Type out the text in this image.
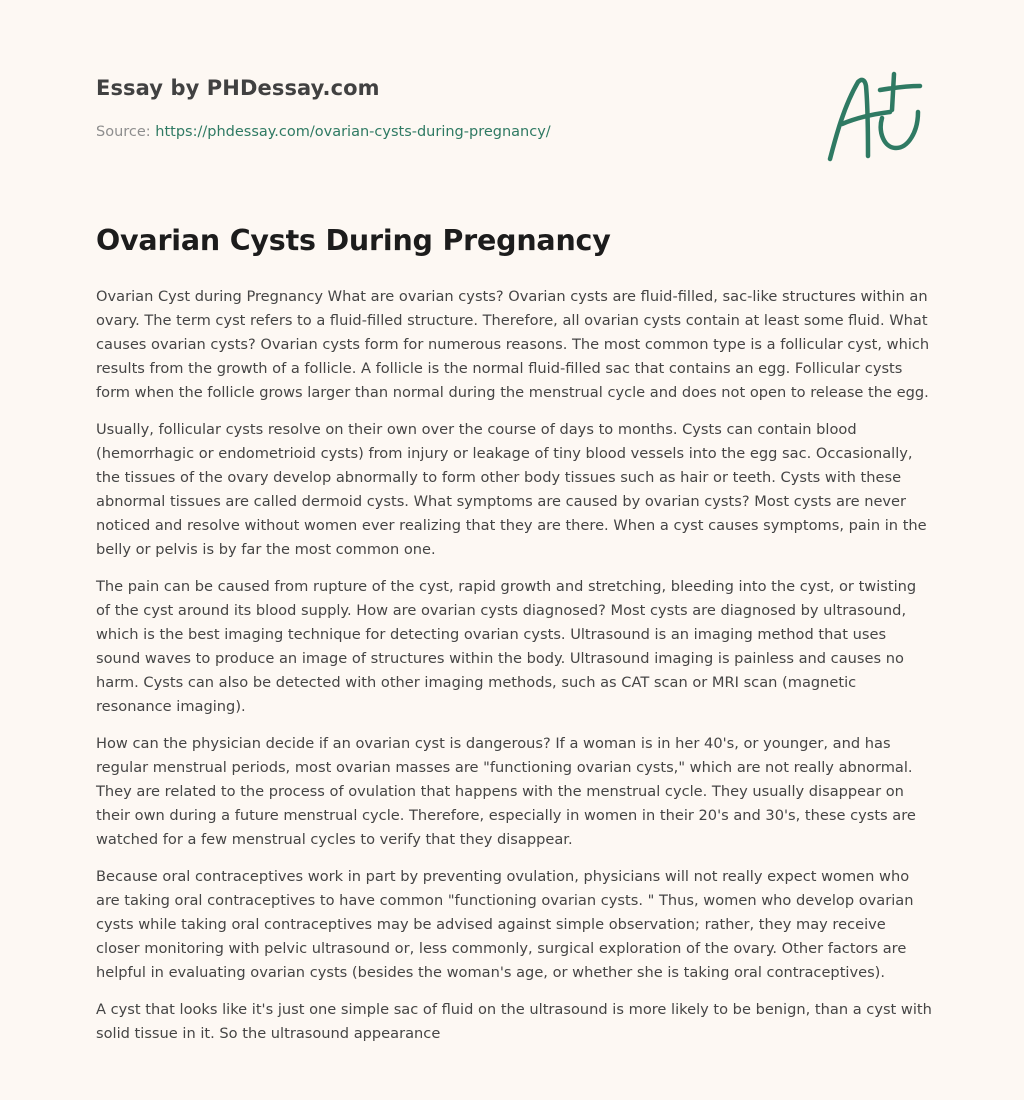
Essay by PHDessay.com
Source: https://phdessay.com/ovarian-cysts-during-pregnancy/
Ovarian Cysts During Pregnancy

Ovarian Cyst during Pregnancy What are ovarian cysts? Ovarian cysts are fluid-filled, sac-like structures within an ovary. The term cyst refers to a fluid-filled structure. Therefore, all ovarian cysts contain at least some fluid. What causes ovarian cysts? Ovarian cysts form for numerous reasons. The most common type is a follicular cyst, which results from the growth of a follicle. A follicle is the normal fluid-filled sac that contains an egg. Follicular cysts form when the follicle grows larger than normal during the menstrual cycle and does not open to release the egg.

Usually, follicular cysts resolve on their own over the course of days to months. Cysts can contain blood (hemorrhagic or endometrioid cysts) from injury or leakage of tiny blood vessels into the egg sac. Occasionally, the tissues of the ovary develop abnormally to form other body tissues such as hair or teeth. Cysts with these abnormal tissues are called dermoid cysts. What symptoms are caused by ovarian cysts? Most cysts are never noticed and resolve without women ever realizing that they are there. When a cyst causes symptoms, pain in the belly or pelvis is by far the most common one.

The pain can be caused from rupture of the cyst, rapid growth and stretching, bleeding into the cyst, or twisting of the cyst around its blood supply. How are ovarian cysts diagnosed? Most cysts are diagnosed by ultrasound, which is the best imaging technique for detecting ovarian cysts. Ultrasound is an imaging method that uses sound waves to produce an image of structures within the body. Ultrasound imaging is painless and causes no harm. Cysts can also be detected with other imaging methods, such as CAT scan or MRI scan (magnetic resonance imaging).

How can the physician decide if an ovarian cyst is dangerous? If a woman is in her 40's, or younger, and has regular menstrual periods, most ovarian masses are "functioning ovarian cysts," which are not really abnormal. They are related to the process of ovulation that happens with the menstrual cycle. They usually disappear on their own during a future menstrual cycle. Therefore, especially in women in their 20's and 30's, these cysts are watched for a few menstrual cycles to verify that they disappear.

Because oral contraceptives work in part by preventing ovulation, physicians will not really expect women who are taking oral contraceptives to have common "functioning ovarian cysts. " Thus, women who develop ovarian cysts while taking oral contraceptives may be advised against simple observation; rather, they may receive closer monitoring with pelvic ultrasound or, less commonly, surgical exploration of the ovary. Other factors are helpful in evaluating ovarian cysts (besides the woman's age, or whether she is taking oral contraceptives).

A cyst that looks like it's just one simple sac of fluid on the ultrasound is more likely to be benign, than a cyst with solid tissue in it. So the ultrasound appearance
